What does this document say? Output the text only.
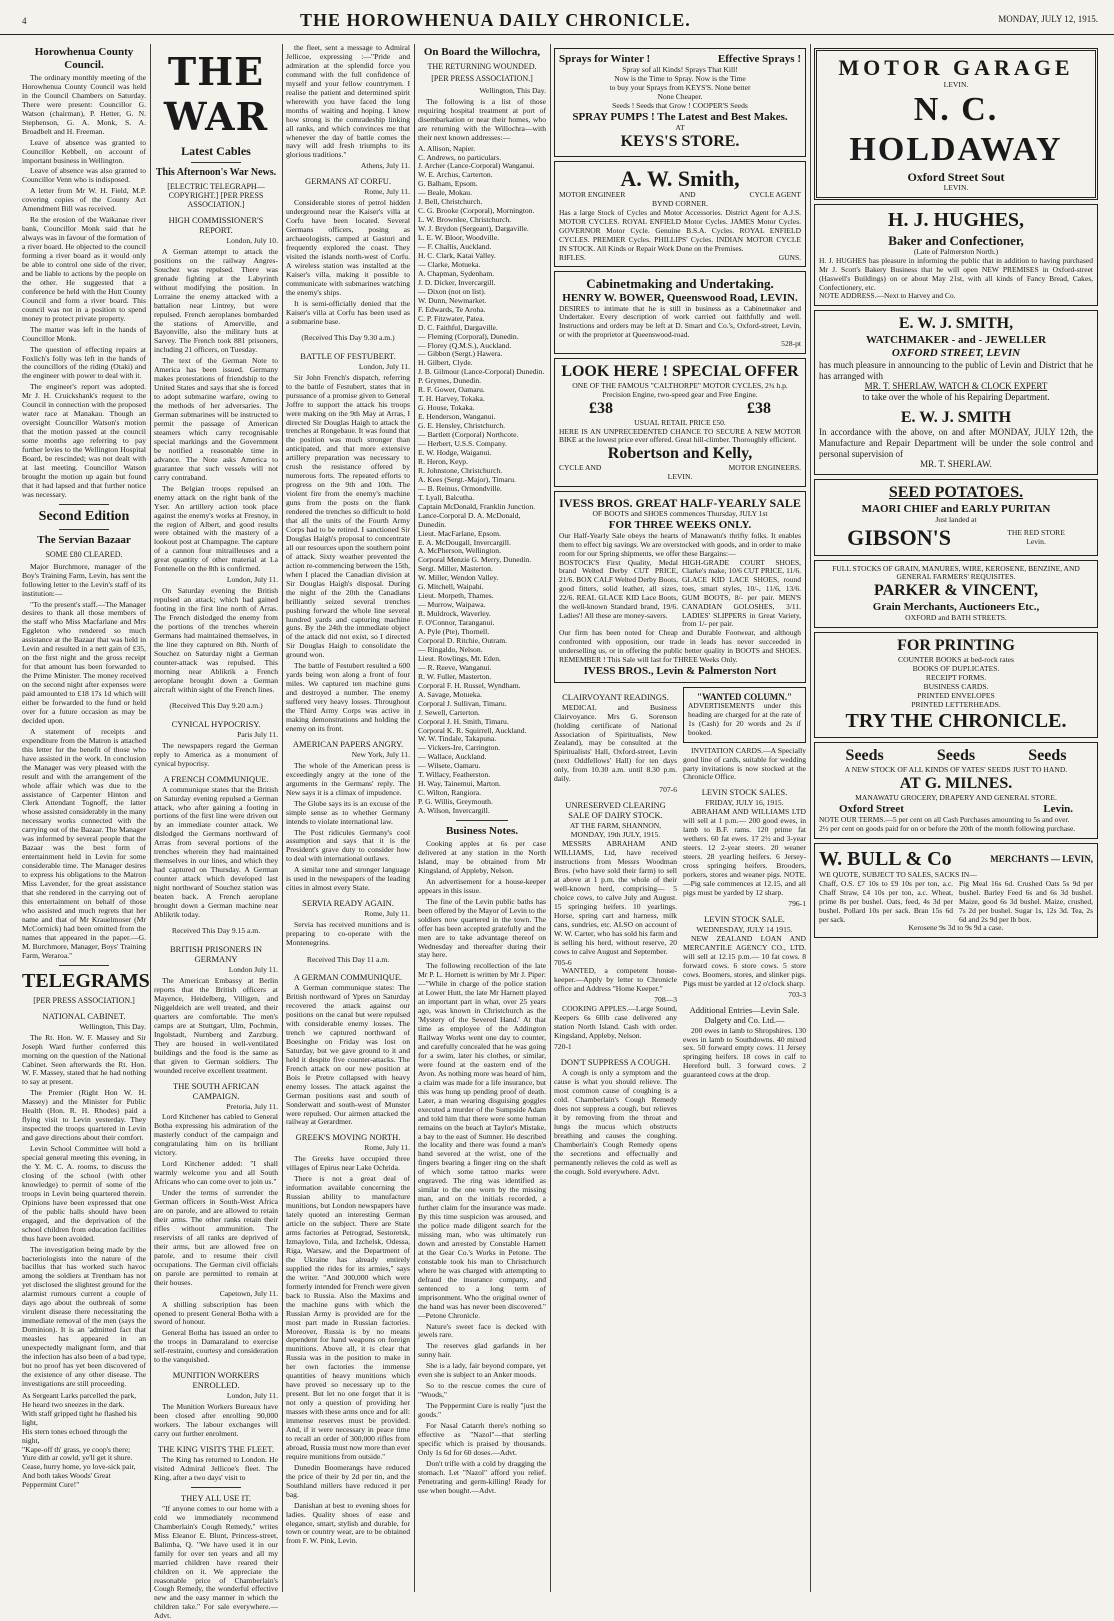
4	THE HOROWHENUA DAILY CHRONICLE.	MONDAY, JULY 12, 1915.
Horowhenua County Council.

The ordinary monthly meeting of the Horowhenua County Council was held in the Council Chambers on Saturday. There were present: Councillor G. Watson (chairman), P. Hetter, G. N. Stephenson, G. A. Monk, S. A. Broadbelt and H. Freeman.

Leave of absence was granted to Councillor Kebbell, on account of important business in Wellington.

Leave of absence was also granted to Councillor Venn who is indisposed.

A letter from Mr W. H. Field, M.P. covering copies of the County Act Amendment Bill was received.

Re the erosion of the Waikanae river bank, Councillor Monk said that he always was in favour of the formation of a river board. He objected to the council forming a river board as it would only be able to control one side of the river, and be liable to actions by the people on the other. He suggested that a conference be held with the Hutt County Council and form a river board. This council was not in a position to spend money to protect private property.

The matter was left in the hands of Councillor Monk.

The question of effecting repairs at Foxlich's folly was left in the hands of the councillors of the riding (Otaki) and the engineer with power to deal with it.

The engineer's report was adopted. Mr J. H. Cruickshank's request to the Council in connection with the proposed water race at Manakau. Though an oversight Councillor Watson's motion that the motion passed at the council some months ago referring to pay further levies to the Wellington Hospital Board, be rescinded; was not dealt with at last meeting. Councillor Watson brought the motion up again but found that it had lapsed and that further notice was necessary.

Second Edition
The Servian Bazaar
SOME £80 CLEARED.

Major Burchmore, manager of the Boy's Training Farm, Levin, has sent the following letter to the Levin's staff of its institution:—

"To the present's staff.—The Manager desires to thank all those members of the staff who Miss Macfarlane and Mrs Eggleton who rendered so much assistance at the Bazaar that was held in Levin and resulted in a nett gain of £35, on the first night and the gross receipt for that amount has been forwarded to the Prime Minister. The money received on the second night after expenses were paid amounted to £18 17s 1d which will either be forwarded to the fund or held over for a future occasion as may be decided upon.

A statement of receipts and expenditure from the Matron is attached this letter for the benefit of those who have assisted in the work. In conclusion the Manager was very pleased with the result and with the arrangement of the whole affair which was due to the assistance of Carpenter Hinton and Clerk Attendant Tognoff, the latter whose assisted considerably in the many necessary works connected with the carrying out of the Bazaar. The Manager was informed by several people that the Bazaar was the best form of entertainment held in Levin for some considerable time. The Manager desires to express his obligations to the Matron Miss Lavender, for the great assistance that she rendered in the carrying out of this entertainment on behalf of those who assisted and much regrets that her name and that of Mr Krauelmoser (Mr McCormick) had been omitted from the names that appeared in the paper.—G. M. Burchmore, Manager, Boys' Training Farm, Weraroa."

TELEGRAMS
[PER PRESS ASSOCIATION.]
NATIONAL CABINET.

Wellington, This Day.

The Rt. Hon. W. F. Massey and Sir Joseph Ward further conferred this morning on the question of the National Cabinet. Seen afterwards the Rt. Hon. W. F. Massey, stated that he had nothing to say at present.

The Premier (Right Hon W. H. Massey) and the Minister for Public Health (Hon. R. H. Rhodes) paid a flying visit to Levin yesterday. They inspected the troops quartered in Levin and gave directions about their comfort.

Levin School Committee will hold a special general meeting this evening, in the Y. M. C. A. rooms, to discuss the closing of the school (with other knowledge) to permit of some of the troops in Levin being quartered therein. Opinions have been expressed that one of the public halls should have been engaged, and the deprivation of the school children from education facilities thus have been avoided.

The investigation being made by the bacteriologists into the nature of the bacillus that has worked such havoc among the soldiers at Trentham has not yet disclosed the slightest ground for the alarmist rumours current a couple of days ago about the outbreak of some virulent disease there necessitating the immediate removal of the men (says the Dominion). It is an 'admitted fact that measles has appeared in an unexpectedly malignant form, and that the infection has also been of a bad type, but no proof has yet been discovered of the existence of any other disease. The investigations are still proceeding.

As Sergeant Larks parcelled the park,

He heard two sneezes in the dark.

With staff gripped tight he flashed his light,

His stern tones echoed through the night,

"Kape-off th' grass, ye coop's there; Yure dith ar cowld, ye'll get it shure.

Cease, hurry home, yo love-sick pair, And both takes Woods' Great Peppermint Cure!"

THE WAR
Latest Cables
This Afternoon's War News.
[ELECTRIC TELEGRAPH—COPYRIGHT.] [PER PRESS ASSOCIATION.]
HIGH COMMISSIONER'S REPORT.

London, July 10.

A German attempt to attack the positions on the railway Angres-Souchez was repulsed. There was grenade fighting at the Labyrinth without modifying the position. In Lorraine the enemy attacked with a battalion near Lintrey, but were repulsed. French aeroplanes bombarded the stations of Amerville, and Bayonville, also the military huts at Sarvey. The French took 881 prisoners, including 21 officers, on Tuesday.

The text of the German Note to America has been issued. Germany makes protestations of friendship to the United States and says that she is forced to adopt submarine warfare, owing to the methods of her adversaries. The German submarines will be instructed to permit the passage of American steamers which carry recognisable special markings and the Government be notified a reasonable time in advance. The Note asks America to guarantee that such vessels will not carry contraband.

The Belgian troops repulsed an enemy attack on the right bank of the Yser. An artillery action took place against the enemy's works at Fresnoy, in the region of Albert, and good results were obtained with the mastery of a lookout post at Champagne. The capture of a cannon four mitrailleuses and a great quantity of other material at La Fontenelle on the 8th is confirmed.

London, July 11.

On Saturday evening the British repulsed an attack; which had gained footing in the first line north of Arras. The French dislodged the enemy from the portions of the trenches wherein Germans had maintained themselves, in the line they captured on 8th. North of Souchez on Saturday night a German counter-attack was repulsed. This morning near Ablikrik a French aeroplane brought down a German aircraft within sight of the French lines.

(Received This Day 9.20 a.m.)

CYNICAL HYPOCRISY.

Paris July 11.

The newspapers regard the German reply to America as a monument of cynical hypocrisy.

A FRENCH COMMUNIQUE.

A communique states that the British on Saturday evening repulsed a German attack, who after gaining a footing in portions of the first line were driven out by an immediate counter attack. We dislodged the Germans northward of Arras from several portions of the trenches wherein they had maintained themselves in our lines, and which they had captured on Thursday. A German counter attack which developed last night northward of Souchez station was beaten back. A French aeroplane brought down a German machine near Ablikrik today.

Received This Day 9.15 a.m.

BRITISH PRISONERS IN GERMANY

London July 11.

The American Embassy at Berlin reports that the British officers at Mayence, Heidelberg, Villigen, and Niggeldeich are well treated, and their quarters are comfortable. The men's camps are at Stuttgart, Ulm, Pochmin, Ingolstadt, Nurnberg and Zarzburg. They are housed in well-ventilated buildings and the food is the same as that given to German soldiers. The wounded receive excellent treatment.

THE SOUTH AFRICAN CAMPAIGN.

Pretoria, July 11.

Lord Kitchener has cabled to General Botha expressing his admiration of the masterly conduct of the campaign and congratulating him on its brilliant victory.

Lord Kitchener added: "I shall warmly welcome you and all South Africans who can come over to join us."

Under the terms of surrender the German officers in South-West Africa are on parole, and are allowed to retain their arms. The other ranks retain their rifles without ammunition. The reservists of all ranks are deprived of their arms, but are allowed free on parole, and to resume their civil occupations. The German civil officials on parole are permitted to remain at their houses.

Capetown, July 11.

A shilling subscription has been opened to present General Botha with a sword of honour.

General Botha has issued an order to the troops in Damaraland to exercise self-restraint, courtesy and consideration to the vanquished.

MUNITION WORKERS ENROLLED.

London, July 11.

The Munition Workers Bureaux have been closed after enrolling 90,000 workers. The labour exchanges will carry out further enrolment.

THE KING VISITS THE FLEET.

The King has returned to London. He visited Admiral Jellicoe's fleet. The King, after a two days' visit to

THEY ALL USE IT.

"If anyone comes to our home with a cold we immediately recommend Chamberlain's Cough Remedy," writes Miss Eleanor E. Blunt, Princess-street, Balimba, Q. "We have used it in our family for over ten years and all my married children have reared their children on it. We appreciate the reasonable price of Chamberlain's Cough Remedy, the wonderful effective new and the easy manner in which the children take." For sale everywhere.—Advt.

the fleet, sent a message to Admiral Jellicoe, expressing :—"Pride and admiration at the splendid force you command with the full confidence of myself and your fellow countrymen. I realise the patient and determined spirit wherewith you have faced the long months of waiting and hoping. I know how strong is the comradeship linking all ranks, and which convinces me that whenever the day of battle comes the navy will add fresh triumphs to its glorious traditions."

Athens, July 11.

GERMANS AT CORFU.

Rome, July 11.

Considerable stores of petrol hidden underground near the Kaiser's villa at Corfu have been located. Several Germans officers, posing as archaeologists, camped at Gasturi and frequently explored the coast. They visited the islands north-west of Corfu. A wireless station was installed at the Kaiser's villa, making it possible to communicate with submarines watching the enemy's ships.

It is semi-officially denied that the Kaiser's villa at Corfu has been used as a submarine base.

(Received This Day 9.30 a.m.)

BATTLE OF FESTUBERT.

London, July 11.

Sir John French's dispatch, referring to the battle of Festubert, states that in pursuance of a promise given to General Joffre to support the attack his troops were making on the 9th May at Arras, I directed Sir Douglas Haigh to attack the trenches at Rongebaue. It was found that the position was much stronger than anticipated, and that more extensive artillery preparation was necessary to crush the resistance offered by numerous forts. The repeated efforts to progress on the 9th and 10th. The violent fire from the enemy's machine guns from the posts on the flank rendered the trenches so difficult to hold that all the units of the Fourth Army Corps had to be retired. I sanctioned Sir Douglas Haigh's proposal to concentrate all our resources upon the southern point of attack. Sixty weather prevented the action re-commencing between the 15th, when I placed the Canadian division at Sir Douglas Haigh's disposal. During the night of the 20th the Canadians brilliantly seized several trenches pushing forward the whole line several hundred yards and capturing machine guns. By the 24th the immediate object of the attack did not exist, so I directed Sir Douglas Haigh to consolidate the ground won.

The battle of Festubert resulted a 600 yards being won along a front of four miles. We captured ten machine guns and destroyed a number. The enemy suffered very heavy losses. Throughout the Third Army Corps was active in making demonstrations and holding the enemy on its front.

AMERICAN PAPERS ANGRY.

New York, July 11.

The whole of the American press is exceedingly angry at the tone of the arguments in the Germans' reply. The New says it is a climax of impudence.

The Globe says its is an excuse of the simple sense as to whether Germany intends to violate international law.

The Post ridicules Germany's cool assumption and says that it is the President's grave duty to consider how to deal with international outlaws.

A similar tone and stronger language is used in the newspapers of the leading cities in almost every State.

SERVIA READY AGAIN.

Rome, July 11.

Servia has received munitions and is preparing to co-operate with the Montenegrins.

Received This Day 11 a.m.

A GERMAN COMMUNIQUE.

A German communique states: The British northward of Ypres on Saturday recovered the attack against our positions on the canal but were repulsed with considerable enemy losses. The trench we captured northward of Boesinghe on Friday was lost on Saturday, but we gave ground to it and held it despite five counter-attacks. The French attack on our new position at Bois le Pretre collapsed with heavy enemy losses. The attack against the German positions east and south of Sonderwatt and south-west of Munster were repulsed. Our airmen attacked the railway at Gerardmer.

GREEK'S MOVING NORTH.

Rome, July 11.

The Greeks have occupied three villages of Epirus near Lake Ochrida.

There is not a great deal of information available concerning the Russian ability to manufacture munitions, but London newspapers have lately quoted an interesting German article on the subject. There are State arms factories at Petrograd, Sestoretsk, Izmaylovo, Tula, and Izchelsk, Odessa, Riga, Warsaw, and the Department of the Ukraine has already entirely supplied the rides for its armies," says the writer. "And 300,000 which were formerly intended for French were given back to Russia. Also the Maxims and the machine guns with which the Russian Army is provided are for the most part made in Russian factories. Moreover, Russia is by no means dependent for hand weapons on foreign munitions. Above all, it is clear that Russia was in the position to make in her own factories the immense quantities of heavy munitions which have proved so necessary up to the present. But let no one forget that it is not only a question of providing her masses with these arms once and for all: immense reserves must be provided. And, if it were necessary in peace time to recall an order of 300,000 rifles from abroad, Russia must now more than ever require munitions from outside."

Dunedin Boomerangs have reduced the price of their by 2d per tin, and the Southland millers have reduced it per bag.

Danishan at best to evening shoes for ladies. Quality shoes of ease and elegance, smart, stylish and durable, for town or country wear, are to be obtained from F. W. Pink, Levin.

On Board the Willochra,
THE RETURNING WOUNDED.
[PER PRESS ASSOCIATION.]

Wellington, This Day.

The following is a list of those requiring hospital treatment at port of disembarkation or near their homes, who are returning with the Willochra—with their next known addresses:—

A. Allison, Napier.

C. Andrews, no particulars.

J. Archer (Lance-Corporal) Wanganui.

W. E. Archus, Carterton.

G. Balham, Epsom.

— Beale, Mokau.

J. Bell, Christchurch.

C. G. Brooke (Corporal), Mornington.

L. W. Brownlee, Christchurch.

W. J. Brydon (Sergeant), Dargaville.

L. E. W. Bloor, Woodville.

— F. Challis, Auckland.

H. C. Clark, Katai Valley.

— Clarke, Motueka.

A. Chapman, Sydenham.

J. D. Dicker, Invercargill.

— Dixon (not on list).

W. Dunn, Newmarket.

F. Edwards, Te Aroha.

C. P. Fitzwater, Patea.

D. C. Faithful, Dargaville.

— Fleming (Corporal), Dunedin.

— Florey (Q.M.S.), Auckland.

— Gibbon (Sergt.) Hawera.

H. Gilbert, Clyde.

J. B. Gilmour (Lance-Corporal) Dunedin.

P. Grymes, Dunedin.

R. F. Gower, Oamaru.

T. H. Harvey, Tokaka.

G. House, Tokaka.

E. Henderson, Wanganui.

G. E. Hensley, Christchurch.

— Bartlett (Corporal) Northcote.

— Herbert, U.S.S. Company.

E. W. Hodge, Waiganui.

R. Heron, Keyp.

R. Johnstone, Christchurch.

A. Kees (Sergt.-Major), Timaru.

— B. Reinus, Ormondville.

T. Lyall, Balcutha.

Captain McDonald, Franklin Junction.

Lance-Corporal D. A. McDonald, Dunedin.

Lieut. MacFarlane, Epsom.

E. A. McDougall, Invercargill.

A. McPherson, Wellington.

Corporal Menzie G. Merry, Dunedin.

Sergt. Miller, Masterton.

W. Miller, Wendon Valley.

G. Mitchell, Waipahi.

Lieut. Morpeth, Thames.

— Murrow, Waipawa.

R. Muldrock, Waverley.

F. O'Connor, Taranganui.

A. Pyle (Pte), Thornell.

Corporal D. Ritchie, Outram.

— Ringaldo, Nelson.

Lieut. Rowlings, Mt. Eden.

— R. Reeve, Wanganui.

R. W. Fuller, Masterton.

Corporal F. H. Russel, Wyndham.

A. Savage, Motueka.

Corporal J. Sullivan, Timaru.

J. Sewell, Carterton.

Corporal J. H. Smith, Timaru.

Corporal K. R. Squirrell, Auckland.

W. W. Tindale, Takapuna.

— Vickers-Ire, Carrington.

— Wallace, Auckland.

— Wilsete, Oamaru.

T. Willacy, Featherston.

H. Way, Tainemui, Marton.

C. Wilton, Rangiora.

P. G. Willis, Greymouth.

A. Wilson, Invercargill.

Business Notes.

Cooking apples at 6s per case delivered at any station in the North Island, may be obtained from Mr Kingsland, of Appleby, Nelson.

An advertisement for a house-keeper appears in this issue.

The fine of the Levin public baths has been offered by the Mayor of Levin to the soldiers now quartered in the town. The offer has been accepted gratefully and the men are to take advantage thereof on Wednesday and thereafter during their stay here.

The following recollection of the late Mr P. L. Hornett is written by Mr J. Piper:—"While in charge of the police station at Lower Hutt, the late Mr Harnett played an important part in what, over 25 years ago, was known in Christchurch as the 'Mystery of the Severed Hand.' At that time as employee of the Addington Railway Works went one day to counter, and carefully concealed that he was going for a swim, later his clothes, or similar, were found at the eastern end of the Avon. As nothing more was heard of him, a claim was made for a life insurance, but this was hung up pending proof of death. Later, a man wearing disguising goggles executed a murder of the Sumpside Adam and told him that there were some human remains on the beach at Taylor's Mistake, a bay to the east of Sumner. He described the locality and there was found a man's hand severed at the wrist, one of the fingers bearing a finger ring on the shaft of which some tattoo marks were engraved. The ring was identified as similar to the one worn by the missing man, and on the initials recorded, a further claim for the insurance was made. By this time suspicion was aroused, and the police made diligent search for the missing man, who was ultimately run down and arrested by Constable Harnett at the Gear Co.'s Works in Petone. The constable took his man to Christchurch where he was charged with attempting to defraud the insurance company, and sentenced to a long term of imprisonment. Who the original owner of the hand was has never been discovered." —Petone Chronicle.

Nature's sweet face is decked with jewels rare.

The reserves glad garlands in her sunny hair.

She is a lady, fair beyond compare, yet even she is subject to an Anker moods.

So to the rescue comes the cure of "Woods,"

The Peppermint Cure is really "just the goods."

For Nasal Catarrh there's nothing so effective as "Nazol"—that sterling specific which is praised by thousands. Only 1s 6d for 60 doses.—Advt.

Don't trifle with a cold by dragging the stomach. Let "Nazol" afford you relief. Penetrating and germ-killing! Ready for use when bought.—Advt.

Sprays for Winter !	Effective Sprays !
Spray sof all Kinds! Sprays That Kill!
Now is the Time to Spray. Now is the Time
to buy your Sprays from KEYS'S. None better
None Cheaper.
Seeds ! Seeds that Grow ! COOPER'S Seeds
SPRAY PUMPS ! The Latest and Best Makes.
AT
KEYS'S STORE.
A. W. Smith,
MOTOR ENGINEER	AND	CYCLE AGENT
BYND CORNER.
Has a large Stock of Cycles and Motor Accessories. District Agent for A.J.S. MOTOR CYCLES. ROYAL ENFIELD Motor Cycles. JAMES Motor Cycles. GOVERNOR Motor Cycle. Genuine B.S.A. Cycles. ROYAL ENFIELD CYCLES. PREMIER Cycles. PHILLIPS' Cycles. INDIAN MOTOR CYCLE IN STOCK. All Kinds or Repair Work Done on the Premises.
RIFLES.	GUNS.
Cabinetmaking and Undertaking.
HENRY W. BOWER, Queenswood Road, LEVIN.
DESIRES to intimate that he is still in business as a Cabinetmaker and Undertaker. Every description of work carried out faithfully and well. Instructions and orders may be left at D. Smart and Co.'s, Oxford-street, Levin, or with the proprietor at Queenswood-road.
528-pt
LOOK HERE ! SPECIAL OFFER
ONE OF THE FAMOUS "CALTHORPE" MOTOR CYCLES, 2¾ h.p. Precision Engine, two-speed gear and Free Engine.
£38	£38
USUAL RETAIL PRICE £50.
HERE IS AN UNPRECEDENTED CHANCE TO SECURE A NEW MOTOR BIKE at the lowest price ever offered. Great hill-climber. Thoroughly efficient.
Robertson and Kelly,
CYCLE AND	MOTOR ENGINEERS.
LEVIN.
IVESS BROS. GREAT HALF-YEARLY SALE
OF BOOTS and SHOES commences Thursday, JULY 1st
FOR THREE WEEKS ONLY.
Our Half-Yearly Sale obeys the hearts of Manawatu's thrifty folks. It enables them to effect big savings. We are overstocked with goods, and in order to make room for our Spring shipments, we offer these Bargains:—
BOSTOCK'S First Quality, Medal brand Welted Derby CUT PRICE, 21/6. BOX CALF Welted Derby Boots, good fitters, solid leather, all sizes, 22/6. REAL GLACE KID Lace Boots, the well-known Standard brand, 19/6. Ladies'! All these are money-savers.
HIGH-GRADE COURT SHOES, Clarke's make, 10/6 CUT PRICE, 11/6. GLACE KID LACE SHOES, round toes, smart styles, 10/-, 11/6, 13/6. GUM BOOTS, 8/- per pair. MEN'S CANADIAN GOLOSHES, 3/11. LADIES' SLIPPERS in Great Variety, from 1/- per pair.
Our firm has been noted for Cheap and Durable Footwear, and although confronted with opposition, our trade in leads has never succeeded in underselling us, or in offering the public better quality in BOOTS and SHOES. REMEMBER ! This Sale will last for THREE Weeks Only.
IVESS BROS., Levin & Palmerston Nort
CLAIRVOYANT READINGS.

MEDICAL and Business Clairvoyance. Mrs G. Sorenson (holding certificate of National Association of Spiritualists, New Zealand), may be consulted at the Spiritualists' Hall, Oxford-street, Levin (next Oddfellows' Hall) for ten days only, from 10.30 a.m. until 8.30 p.m. daily.

707-6
UNRESERVED CLEARING SALE OF DAIRY STOCK.
AT THE FARM, SHANNON,
MONDAY, 19th JULY, 1915.

MESSRS ABRAHAM AND WILLIAMS, Ltd, have received instructions from Messrs Woodman Bros. (who have sold their farm) to sell at above at 1 p.m. the whole of their well-known herd, comprising— 5 choice cows, to calve July and August. 15 springing heifers. 10 yearlings. Horse, spring cart and harness, milk cans, sundries, etc. ALSO on account of W. W. Carter, who has sold his farm and is selling his herd, without reserve, 20 cows to calve August and September.

705-6

WANTED, a competent house-keeper.—Apply by letter to Chronicle office and Address "Home Keeper."

708—3

COOKING APPLES.—Large Sound, Keepers 6s 60lb case delivered any station North Island. Cash with order. Kingsland, Appleby, Nelson.

720-1
DON'T SUPPRESS A COUGH.

A cough is only a symptom and the cause is what you should relieve. The most common cause of coughing is a cold. Chamberlain's Cough Remedy does not suppress a cough, but relieves it by removing from the throat and lungs the mucus which obstructs breathing and causes the coughing. Chamberlain's Cough Remedy opens the secretions and effectually and permanently relieves the cold as well as the cough. Sold everywhere. Advt.

"WANTED COLUMN."
ADVERTISEMENTS under this heading are charged for at the rate of 1s (Cash) for 20 words and 2s if booked.

INVITATION CARDS.—A Specially good line of cards, suitable for wedding party invitations is now stocked at the Chronicle Office.

LEVIN STOCK SALES.
FRIDAY, JULY 16, 1915.

ABRAHAM AND WILLIAMS LTD will sell at 1 p.m.— 200 good ewes, in lamb to B.F. rams. 120 prime fat wethers. 60 fat ewes. 17 2½ and 3-year steers. 12 2-year steers. 20 weaner steers. 28 yearling heifers. 6 Jersey-cross springing heifers. Brooders, porkers, stores and weaner pigs. NOTE.—Pig sale commences at 12.15, and all pigs must be yarded by 12 sharp.

796-1
LEVIN STOCK SALE.
WEDNESDAY, JULY 14 1915.

NEW ZEALAND LOAN AND MERCANTILE AGENCY CO., LTD. will sell at 12.15 p.m.— 10 fat cows. 8 forward cows. 6 store cows. 5 store cows. Boomers, stores, and slinker pigs. Pigs must be yarded at 12 o'clock sharp.

703-3
Additional Entries—Levin Sale. Dalgety and Co. Ltd.—

200 ewes in lamb to Shropshires. 130 ewes in lamb to Southdowns. 40 mixed sex. 50 forward empty cows. 11 Jersey springing heifers. 18 cows in calf to Hereford bull. 3 forward cows. 2 guaranteed cows at the drop.

MOTOR GARAGE
LEVIN.
N. C. HOLDAWAY
Oxford Street Sout
LEVIN.
H. J. HUGHES,
Baker and Confectioner,
(Late of Palmerston North.)
H. J. HUGHES has pleasure in informing the public that in addition to having purchased Mr J. Scott's Bakery Business that he will open NEW PREMISES in Oxford-street (Haswell's Buildings) on or about May 21st, with all kinds of Fancy Bread, Cakes, Confectionery, etc.
NOTE ADDRESS.—Next to Harvey and Co.
E. W. J. SMITH,
WATCHMAKER - and - JEWELLER
OXFORD STREET, LEVIN
has much pleasure in announcing to the public of Levin and District that he has arranged with
MR. T. SHERLAW, WATCH & CLOCK EXPERT
to take over the whole of his Repairing Department.
E. W. J. SMITH
In accordance with the above, on and after MONDAY, JULY 12th, the Manufacture and Repair Department will be under the sole control and personal supervision of
MR. T. SHERLAW.
SEED POTATOES.
MAORI CHIEF and EARLY PURITAN
Just landed at
GIBSON'S	THE RED STORE
Levin.
FULL STOCKS OF GRAIN, MANURES, WIRE, KEROSENE, BENZINE, AND GENERAL FARMERS' REQUISITES.
PARKER & VINCENT,
Grain Merchants, Auctioneers Etc.,
OXFORD and BATH STREETS.
FOR PRINTING
COUNTER BOOKS at bed-rock rates
BOOKS OF DUPLICATES.
RECEIPT FORMS.
BUSINESS CARDS.
PRINTED ENVELOPES
PRINTED LETTERHEADS.
TRY THE CHRONICLE.
Seeds	Seeds	Seeds
A NEW STOCK OF ALL KINDS OF YATES' SEEDS JUST TO HAND.
AT G. MILNES.
MANAWATU GROCERY, DRAPERY AND GENERAL STORE.
Oxford Street	Levin.
NOTE OUR TERMS.—5 per cent on all Cash Purchases amounting to 5s and over.
2½ per cent on goods paid for on or before the 20th of the month following purchase.
W. BULL & Co	MERCHANTS — LEVIN,
WE QUOTE, SUBJECT TO SALES, SACKS IN—
Chaff, O.S. £7 10s to £9 10s per ton, a.c. Chaff Straw, £4 10s per ton, a.c. Wheat, prime 8s per bushel. Oats, feed, 4s 3d per bushel. Pollard 10s per sack. Bran 15s 6d per sack.
Pig Meal 16s 6d. Crushed Oats 5s 9d per bushel. Barley Feed 6s and 6s 3d bushel. Maize, good 6s 3d bushel. Maize, crushed, 7s 2d per bushel. Sugar 1s, 12s 3d. Tea, 2s 6d and 2s 9d per lb box.
Kerosene 9s 3d to 9s 9d a case.
